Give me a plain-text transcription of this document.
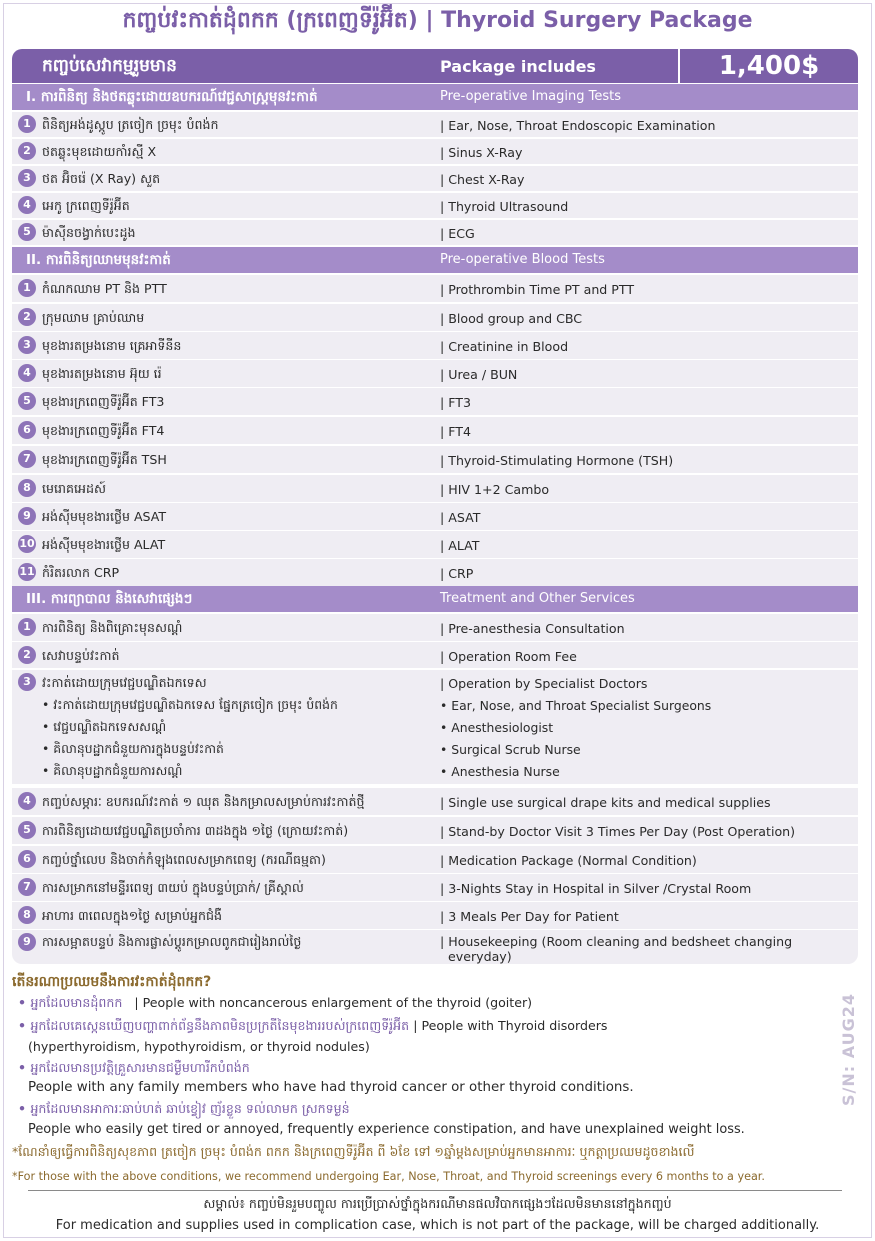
កញ្ចប់វះកាត់ដុំពកក (ក្រពេញទីរ៉ូអ៊ីត) | Thyroid Surgery Package
កញ្ចប់សេវាកម្មរួមមាន	Package includes	1,400$
I. ការពិនិត្យ និងថតឆ្លុះដោយឧបករណ៍វេជ្ជសាស្ត្រមុនវះកាត់	Pre-operative Imaging Tests
1 ពិនិត្យអង់ដូស្កូប ត្រចៀក ច្រមុះ បំពង់ក	| Ear, Nose, Throat Endoscopic Examination
2 ថតឆ្លុះមុខដោយកាំរស្មី X	| Sinus X-Ray
3 ថត អ៊ិចរ៉េ (X Ray) សួត	| Chest X-Ray
4 អេកូ ក្រពេញទីរ៉ូអ៊ីត	| Thyroid Ultrasound
5 ម៉ាស៊ីនចង្វាក់បេះដូង	| ECG
II. ការពិនិត្យឈាមមុនវះកាត់	Pre-operative Blood Tests
1 កំណកឈាម PT និង PTT	| Prothrombin Time PT and PTT
2 ក្រុមឈាម គ្រាប់ឈាម	| Blood group and CBC
3 មុខងារតម្រងនោម គ្រេអាទីនីន	| Creatinine in Blood
4 មុខងារតម្រងនោម អ៊ុយ រ៉េ	| Urea / BUN
5 មុខងារក្រពេញទីរ៉ូអ៊ីត FT3	| FT3
6 មុខងារក្រពេញទីរ៉ូអ៊ីត FT4	| FT4
7 មុខងារក្រពេញទីរ៉ូអ៊ីត TSH	| Thyroid-Stimulating Hormone (TSH)
8 មេរោគអេដស៍	| HIV 1+2 Cambo
9 អង់ស៊ីមមុខងារថ្លើម ASAT	| ASAT
10 អង់ស៊ីមមុខងារថ្លើម ALAT	| ALAT
11 កំរិតរលាក CRP	| CRP
III. ការព្យាបាល និងសេវាផ្សេងៗ	Treatment and Other Services
1 ការពិនិត្យ និងពិគ្រោះមុនសណ្តំ	| Pre-anesthesia Consultation
2 សេវាបន្ទប់វះកាត់	| Operation Room Fee
3 វះកាត់ដោយក្រុមវេជ្ជបណ្ឌិតឯកទេស	| Operation by Specialist Doctors
• វះកាត់ដោយក្រុមវេជ្ជបណ្ឌិតឯកទេស ផ្នែកត្រចៀក ច្រមុះ បំពង់ក	• Ear, Nose, and Throat Specialist Surgeons
• វេជ្ជបណ្ឌិតឯកទេសសណ្តំ	• Anesthesiologist
• គិលានុបដ្ឋាកជំនួយការក្នុងបន្ទប់វះកាត់	• Surgical Scrub Nurse
• គិលានុបដ្ឋាកជំនួយការសណ្តំ	• Anesthesia Nurse
4 កញ្ចប់សម្ភារៈ ឧបករណ៍វះកាត់ ១ ឈុត និងកម្រាលសម្រាប់ការវះកាត់ថ្មី	| Single use surgical drape kits and medical supplies
5 ការពិនិត្យដោយវេជ្ជបណ្ឌិតប្រចាំការ ៣ដងក្នុង ១ថ្ងៃ (ក្រោយវះកាត់)	| Stand-by Doctor Visit 3 Times Per Day (Post Operation)
6 កញ្ចប់ថ្នាំលេប និងចាក់កំឡុងពេលសម្រាកពេទ្យ (ករណីធម្មតា)	| Medication Package (Normal Condition)
7 ការសម្រាកនៅមន្ទីរពេទ្យ ៣យប់ ក្នុងបន្ទប់ប្រាក់/ គ្រីស្តាល់	| 3-Nights Stay in Hospital in Silver /Crystal Room
8 អាហារ ៣ពេលក្នុង១ថ្ងៃ សម្រាប់អ្នកជំងឺ	| 3 Meals Per Day for Patient
9 ការសម្អាតបន្ទប់ និងការផ្លាស់ប្តូរកម្រាលពូកជារៀងរាល់ថ្ងៃ	| Housekeeping (Room cleaning and bedsheet changing
everyday)
តើនរណាប្រឈមនឹងការវះកាត់ដុំពកក?
• អ្នកដែលមានដុំពកក | People with noncancerous enlargement of the thyroid (goiter)
• អ្នកដែលគេស្កេនឃើញបញ្ហាពាក់ព័ន្ធនឹងភាពមិនប្រក្រតីនៃមុខងាររបស់ក្រពេញទីរ៉ូអ៊ីត | People with Thyroid disorders
(hyperthyroidism, hypothyroidism, or thyroid nodules)
• អ្នកដែលមានប្រវត្តិគ្រួសារមានជម្ងឺមហារីកបំពង់ក
People with any family members who have had thyroid cancer or other thyroid conditions.
• អ្នកដែលមានអាការៈឆាប់ហត់ ឆាប់ខ្វៀវ ញ័រខ្លួន ទល់លាមក ស្រកទម្ងន់
People who easily get tired or annoyed, frequently experience constipation, and have unexplained weight loss.
*ណែនាំឲ្យធ្វើការពិនិត្យសុខភាព ត្រចៀក ច្រមុះ បំពង់ក ពកក និងក្រពេញទីរ៉ូអ៊ីត ពី ៦ខែ ទៅ ១ឆ្នាំម្តងសម្រាប់អ្នកមានអាការៈ ឬកត្តាប្រឈមដូចខាងលើ
*For those with the above conditions, we recommend undergoing Ear, Nose, Throat, and Thyroid screenings every 6 months to a year.
សម្គាល់៖ កញ្ចប់មិនរួមបញ្ចូល ការប្រើប្រាស់ថ្នាំក្នុងករណីមានផលវិបាកផ្សេងៗដែលមិនមាននៅក្នុងកញ្ចប់
For medication and supplies used in complication case, which is not part of the package, will be charged additionally.
S/N: AUG24
